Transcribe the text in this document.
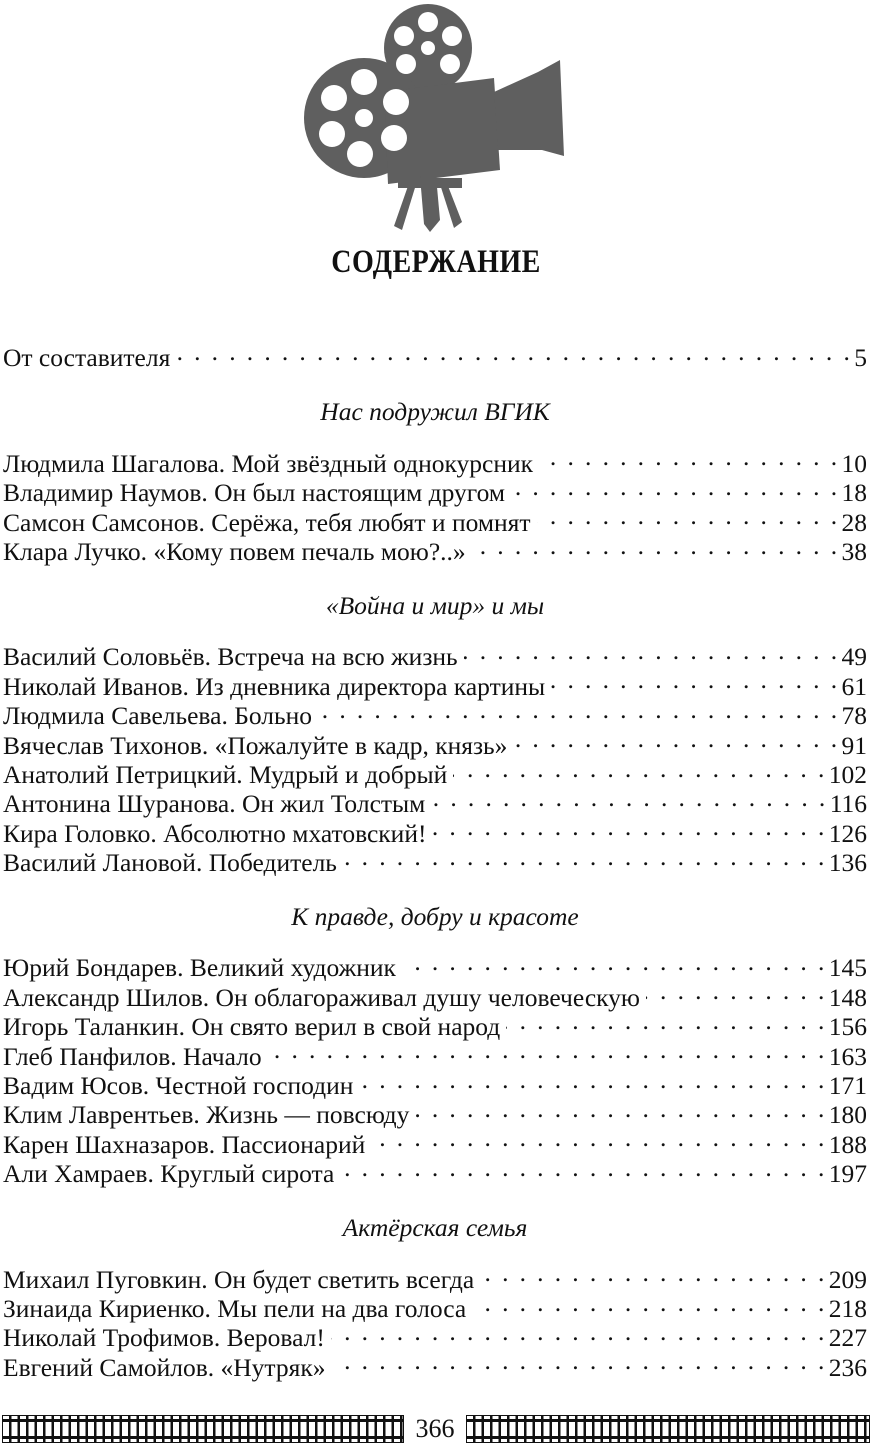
СОДЕРЖАНИЕ
От составителя . . .	5
Нас подружил ВГИК
Людмила Шагалова. Мой звёздный однокурсник . . .	10
Владимир Наумов. Он был настоящим другом . . .	18
Самсон Самсонов. Серёжа, тебя любят и помнят . . .	28
Клара Лучко. «Кому повем печаль мою?..» . . .	38
«Война и мир» и мы
Василий Соловьёв. Встреча на всю жизнь . . .	49
Николай Иванов. Из дневника директора картины . . .	61
Людмила Савельева. Больно . . .	78
Вячеслав Тихонов. «Пожалуйте в кадр, князь» . . .	91
Анатолий Петрицкий. Мудрый и добрый . . .	102
Антонина Шуранова. Он жил Толстым . . .	116
Кира Головко. Абсолютно мхатовский! . . .	126
Василий Лановой. Победитель . . .	136
К правде, добру и красоте
Юрий Бондарев. Великий художник . . .	145
Александр Шилов. Он облагораживал душу человеческую . . .	148
Игорь Таланкин. Он свято верил в свой народ . . .	156
Глеб Панфилов. Начало . . .	163
Вадим Юсов. Честной господин . . .	171
Клим Лаврентьев. Жизнь — повсюду . . .	180
Карен Шахназаров. Пассионарий . . .	188
Али Хамраев. Круглый сирота . . .	197
Актёрская семья
Михаил Пуговкин. Он будет светить всегда . . .	209
Зинаида Кириенко. Мы пели на два голоса . . .	218
Николай Трофимов. Веровал! . . .	227
Евгений Самойлов. «Нутряк» . . .	236
366
